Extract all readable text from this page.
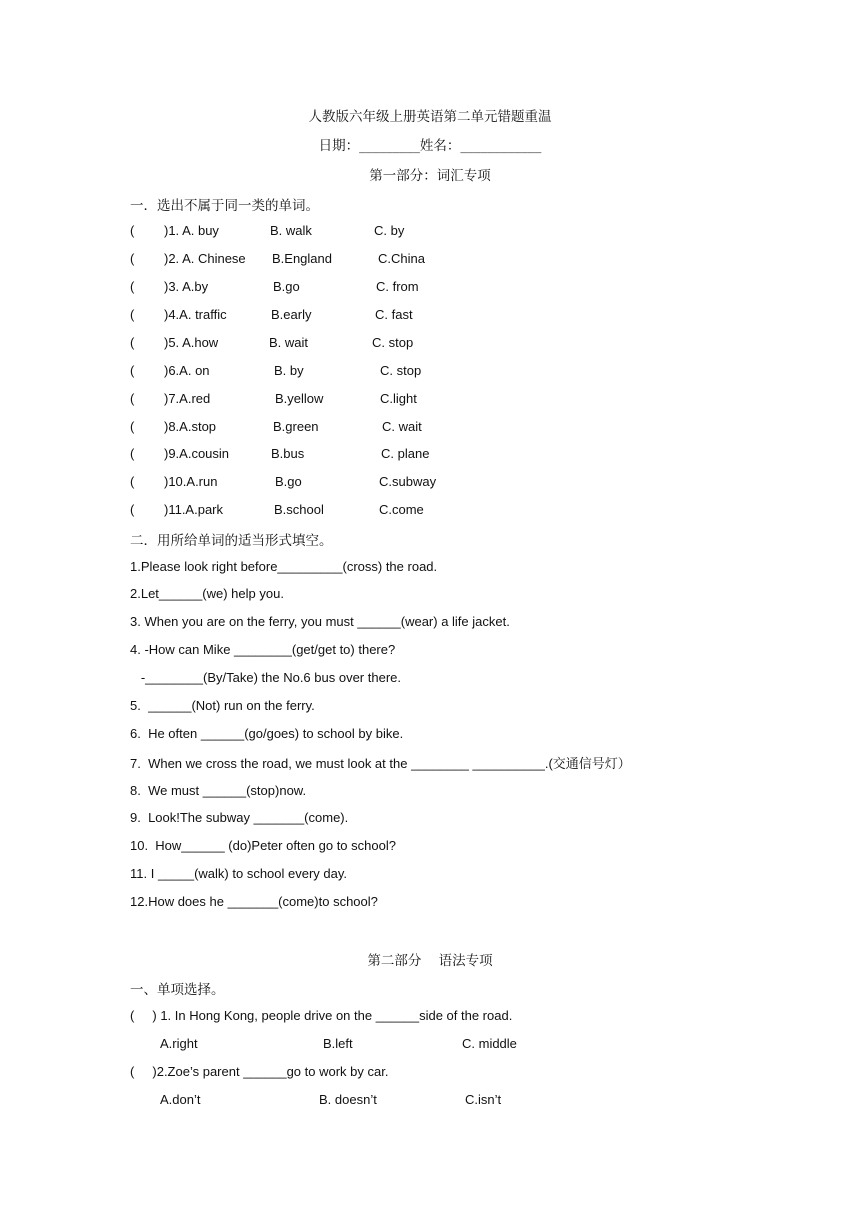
人教版六年级上册英语第二单元错题重温
日期：_________姓名：____________
第一部分：词汇专项
一．选出不属于同一类的单词。
( )1. A. buy	B. walk	C. by
( )2. A. Chinese B.England	C.China
( )3. A.by	B.go	C. from
( )4.A. traffic	B.early	C. fast
( )5. A.how	B. wait	C. stop
( )6.A. on	B. by	C. stop
( )7.A.red	B.yellow	C.light
( )8.A.stop	B.green	C. wait
( )9.A.cousin	B.bus	C. plane
( )10.A.run	B.go	C.subway
( )11.A.park	B.school	C.come
二．用所给单词的适当形式填空。
1.Please look right before_________(cross) the road.
2.Let______(we) help you.
3. When you are on the ferry, you must ______(wear) a life jacket.
4. -How can Mike ________(get/get to) there?
-________(By/Take) the No.6 bus over there.
5.  ______(Not) run on the ferry.
6.  He often ______(go/goes) to school by bike.
7.  When we cross the road, we must look at the ________ __________.(交通信号灯）
8.  We must ______(stop)now.
9.  Look!The subway _______(come).
10.  How______ (do)Peter often go to school?
11. I _____(walk) to school every day.
12.How does he _______(come)to school?
第二部分    语法专项
一、单项选择。
(     ) 1. In Hong Kong, people drive on the ______side of the road.
A.right	B.left	C. middle
(     )2.Zoe’s parent ______go to work by car.
A.don’t	B. doesn’t	C.isn’t
